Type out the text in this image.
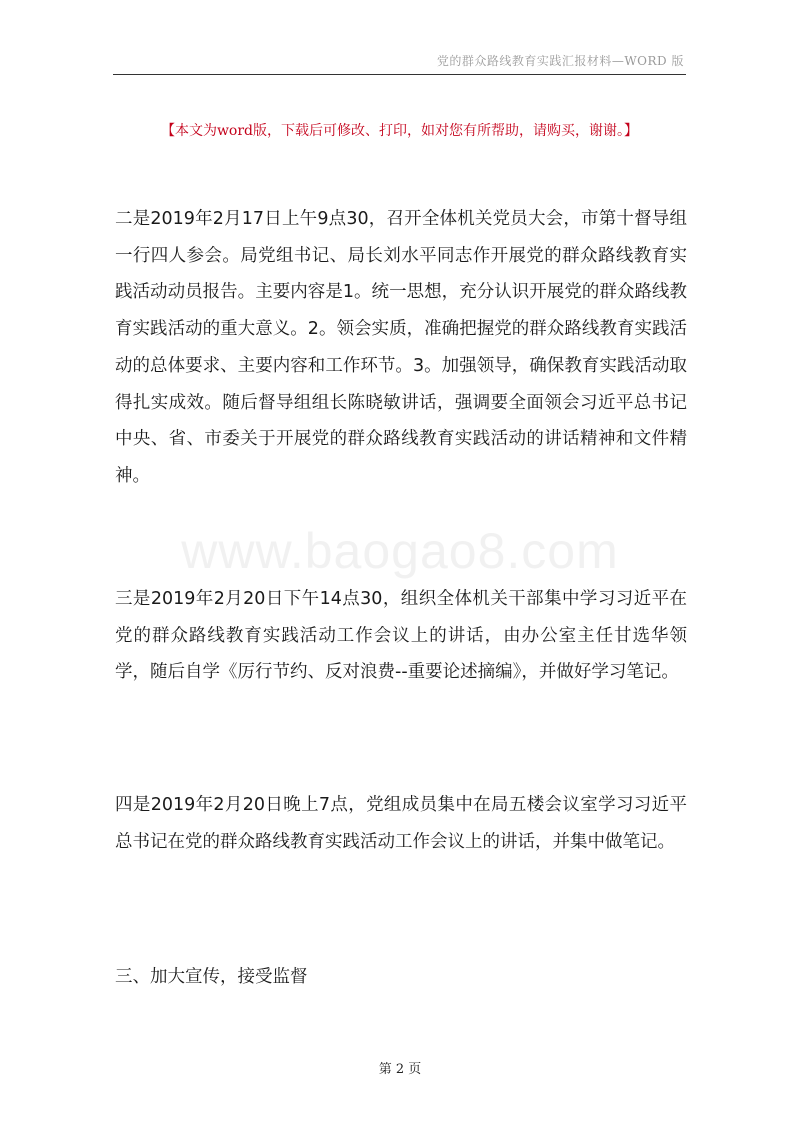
党的群众路线教育实践汇报材料—WORD 版
【本文为word版，下载后可修改、打印，如对您有所帮助，请购买，谢谢。】
www.baogao8.com

二是2019年2月17日上午9点30，召开全体机关党员大会，市第十督导组一行四人参会。局党组书记、局长刘水平同志作开展党的群众路线教育实践活动动员报告。主要内容是1。统一思想，充分认识开展党的群众路线教育实践活动的重大意义。2。领会实质，准确把握党的群众路线教育实践活动的总体要求、主要内容和工作环节。3。加强领导，确保教育实践活动取得扎实成效。随后督导组组长陈晓敏讲话，强调要全面领会习近平总书记中央、省、市委关于开展党的群众路线教育实践活动的讲话精神和文件精神。

三是2019年2月20日下午14点30，组织全体机关干部集中学习习近平在党的群众路线教育实践活动工作会议上的讲话，由办公室主任甘选华领学，随后自学《厉行节约、反对浪费--重要论述摘编》，并做好学习笔记。

四是2019年2月20日晚上7点，党组成员集中在局五楼会议室学习习近平总书记在党的群众路线教育实践活动工作会议上的讲话，并集中做笔记。

三、加大宣传，接受监督

第 2 页
